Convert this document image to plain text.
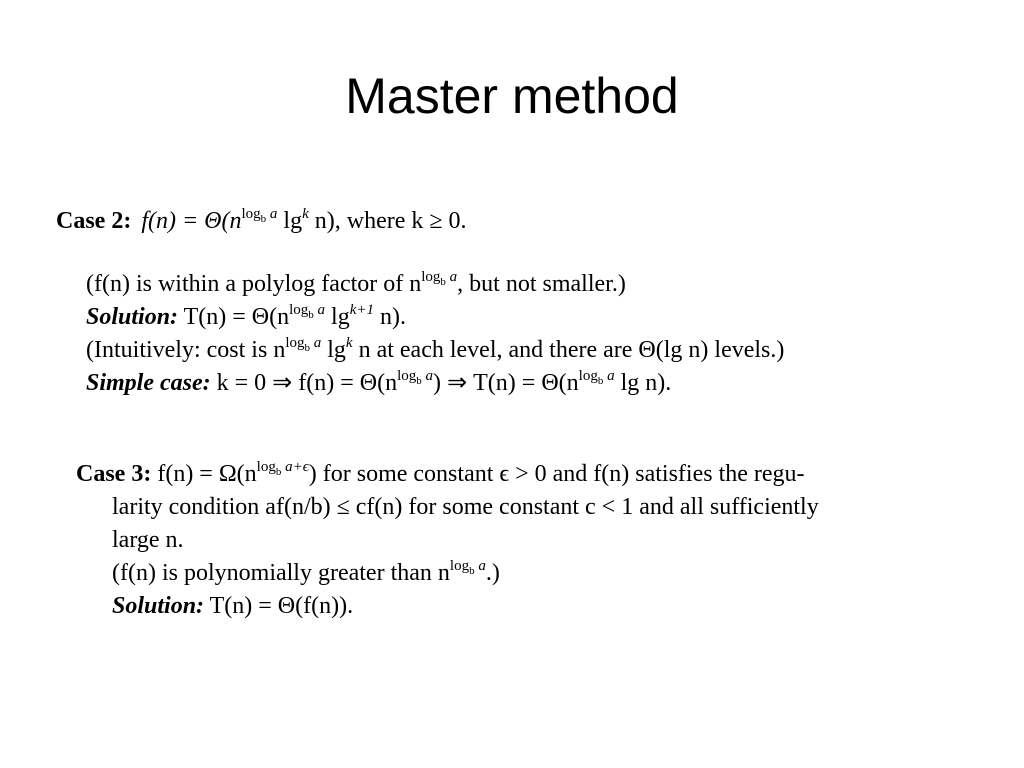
Master method
Case 2: $f(n) = \Theta(n^{log_b a}$ $\lg^k n$), where k ≥ 0.
(f(n) is within a polylog factor of $n^{log_b a}$, but not smaller.)
Solution: $T(n) = \Theta(n^{log_b a}$ $\lg^{k+1} n$).
(Intuitively: cost is $n^{log_b a}$ $\lg^k n$ at each level, and there are Θ(lg n) levels.)
Simple case: k = 0 ⇒ $f(n) = \Theta(n^{log_b a})$ ⇒ $T(n) = \Theta(n^{log_b a}$ lg n).
Case 3: $f(n) = \Omega(n^{log_b a+\epsilon})$ for some constant ϵ > 0 and f(n) satisfies the regu-
larity condition af(n/b) ≤ cf(n) for some constant c < 1 and all sufficiently
large n.
(f(n) is polynomially greater than $n^{log_b a}$.)
Solution: T(n) = Θ(f(n)).
